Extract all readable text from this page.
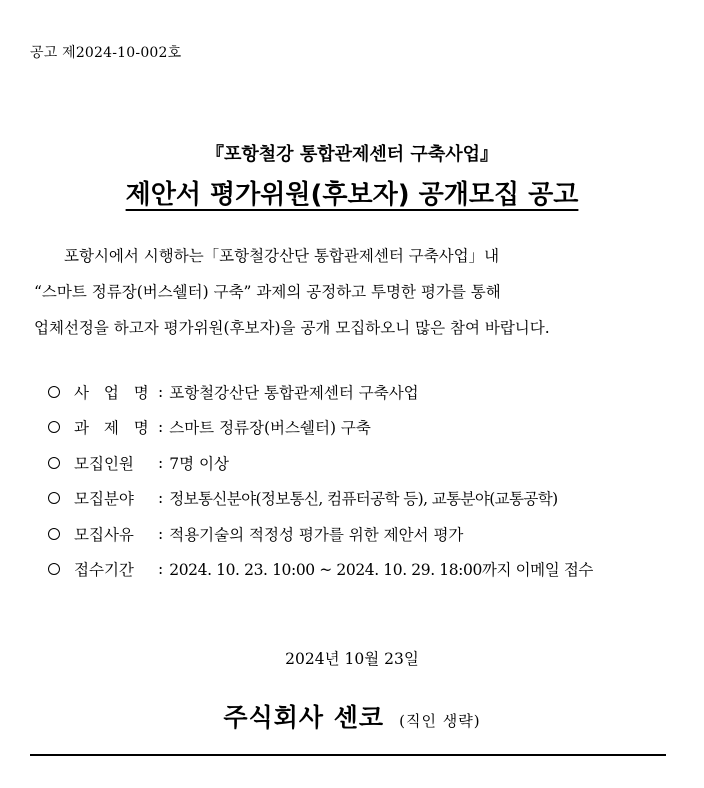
공고 제2024-10-002호
『포항철강 통합관제센터 구축사업』
제안서 평가위원(후보자) 공개모집 공고
포항시에서 시행하는「포항철강산단 통합관제센터 구축사업」내
“스마트 정류장(버스쉘터) 구축” 과제의 공정하고 투명한 평가를 통해
업체선정을 하고자 평가위원(후보자)을 공개 모집하오니 많은 참여 바랍니다.
사 업 명 : 포항철강산단 통합관제센터 구축사업
과 제 명 : 스마트 정류장(버스쉘터) 구축
모집인원	: 7명 이상
모집분야	: 정보통신분야(정보통신, 컴퓨터공학 등), 교통분야(교통공학)
모집사유	: 적용기술의 적정성 평가를 위한 제안서 평가
접수기간	: 2024. 10. 23. 10:00 ~ 2024. 10. 29. 18:00까지 이메일 접수
2024년 10월 23일
주식회사 센코 (직인 생략)
